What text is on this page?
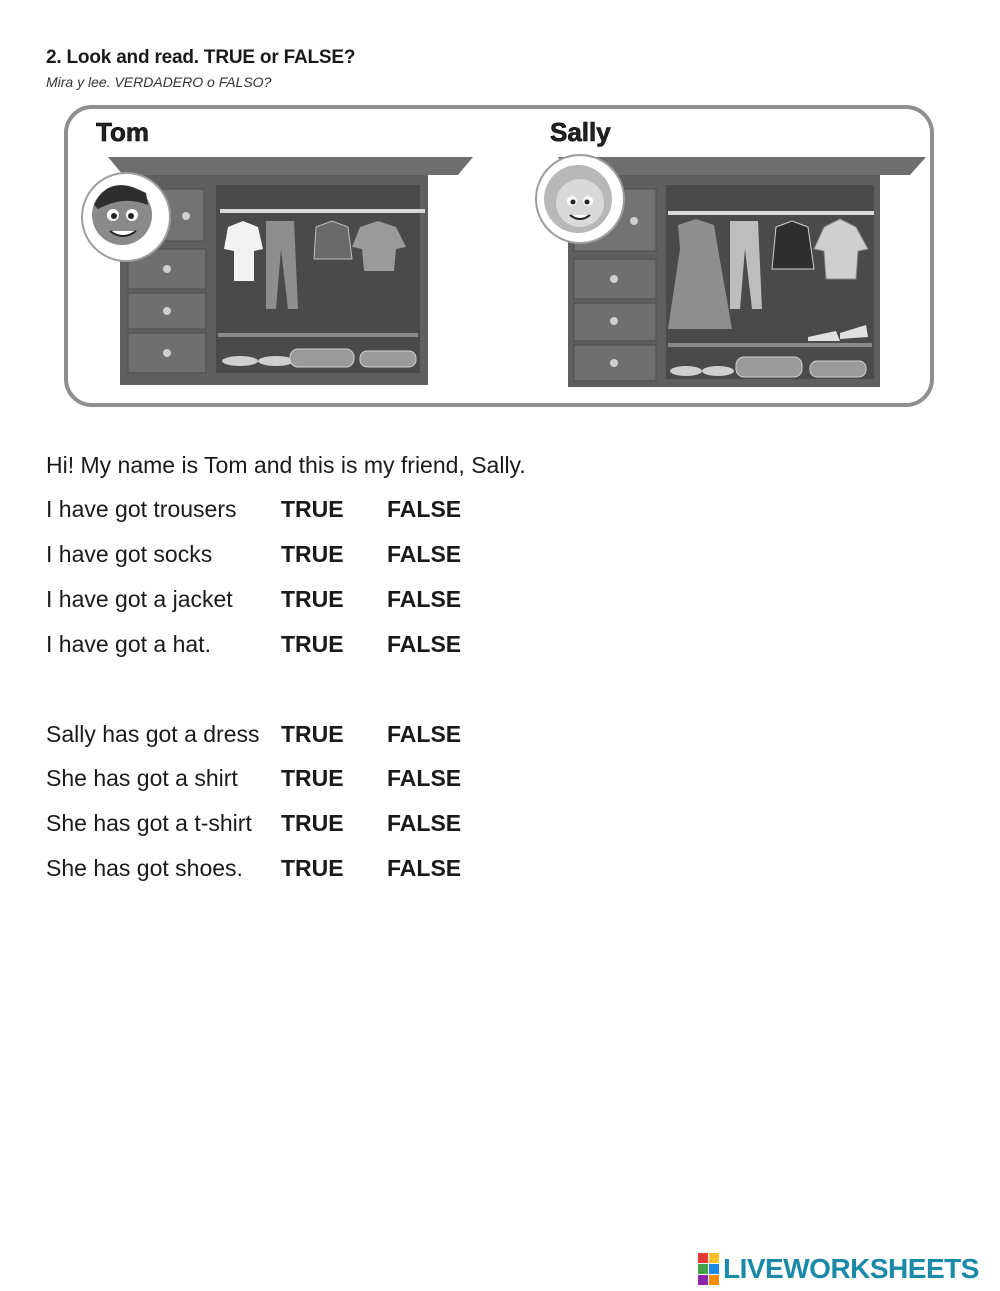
2. Look and read. TRUE or FALSE?
Mira y lee. VERDADERO o FALSO?
Tom	Sally
Hi! My name is Tom and this is my friend, Sally.
I have got trousers TRUE FALSE
I have got socks	TRUE FALSE
I have got a jacket TRUE FALSE
I have got a hat.	TRUE FALSE
Sally has got a dress TRUE FALSE
She has got a shirt TRUE FALSE
She has got a t-shirt TRUE FALSE
She has got shoes. TRUE FALSE
LIVEWORKSHEETS
